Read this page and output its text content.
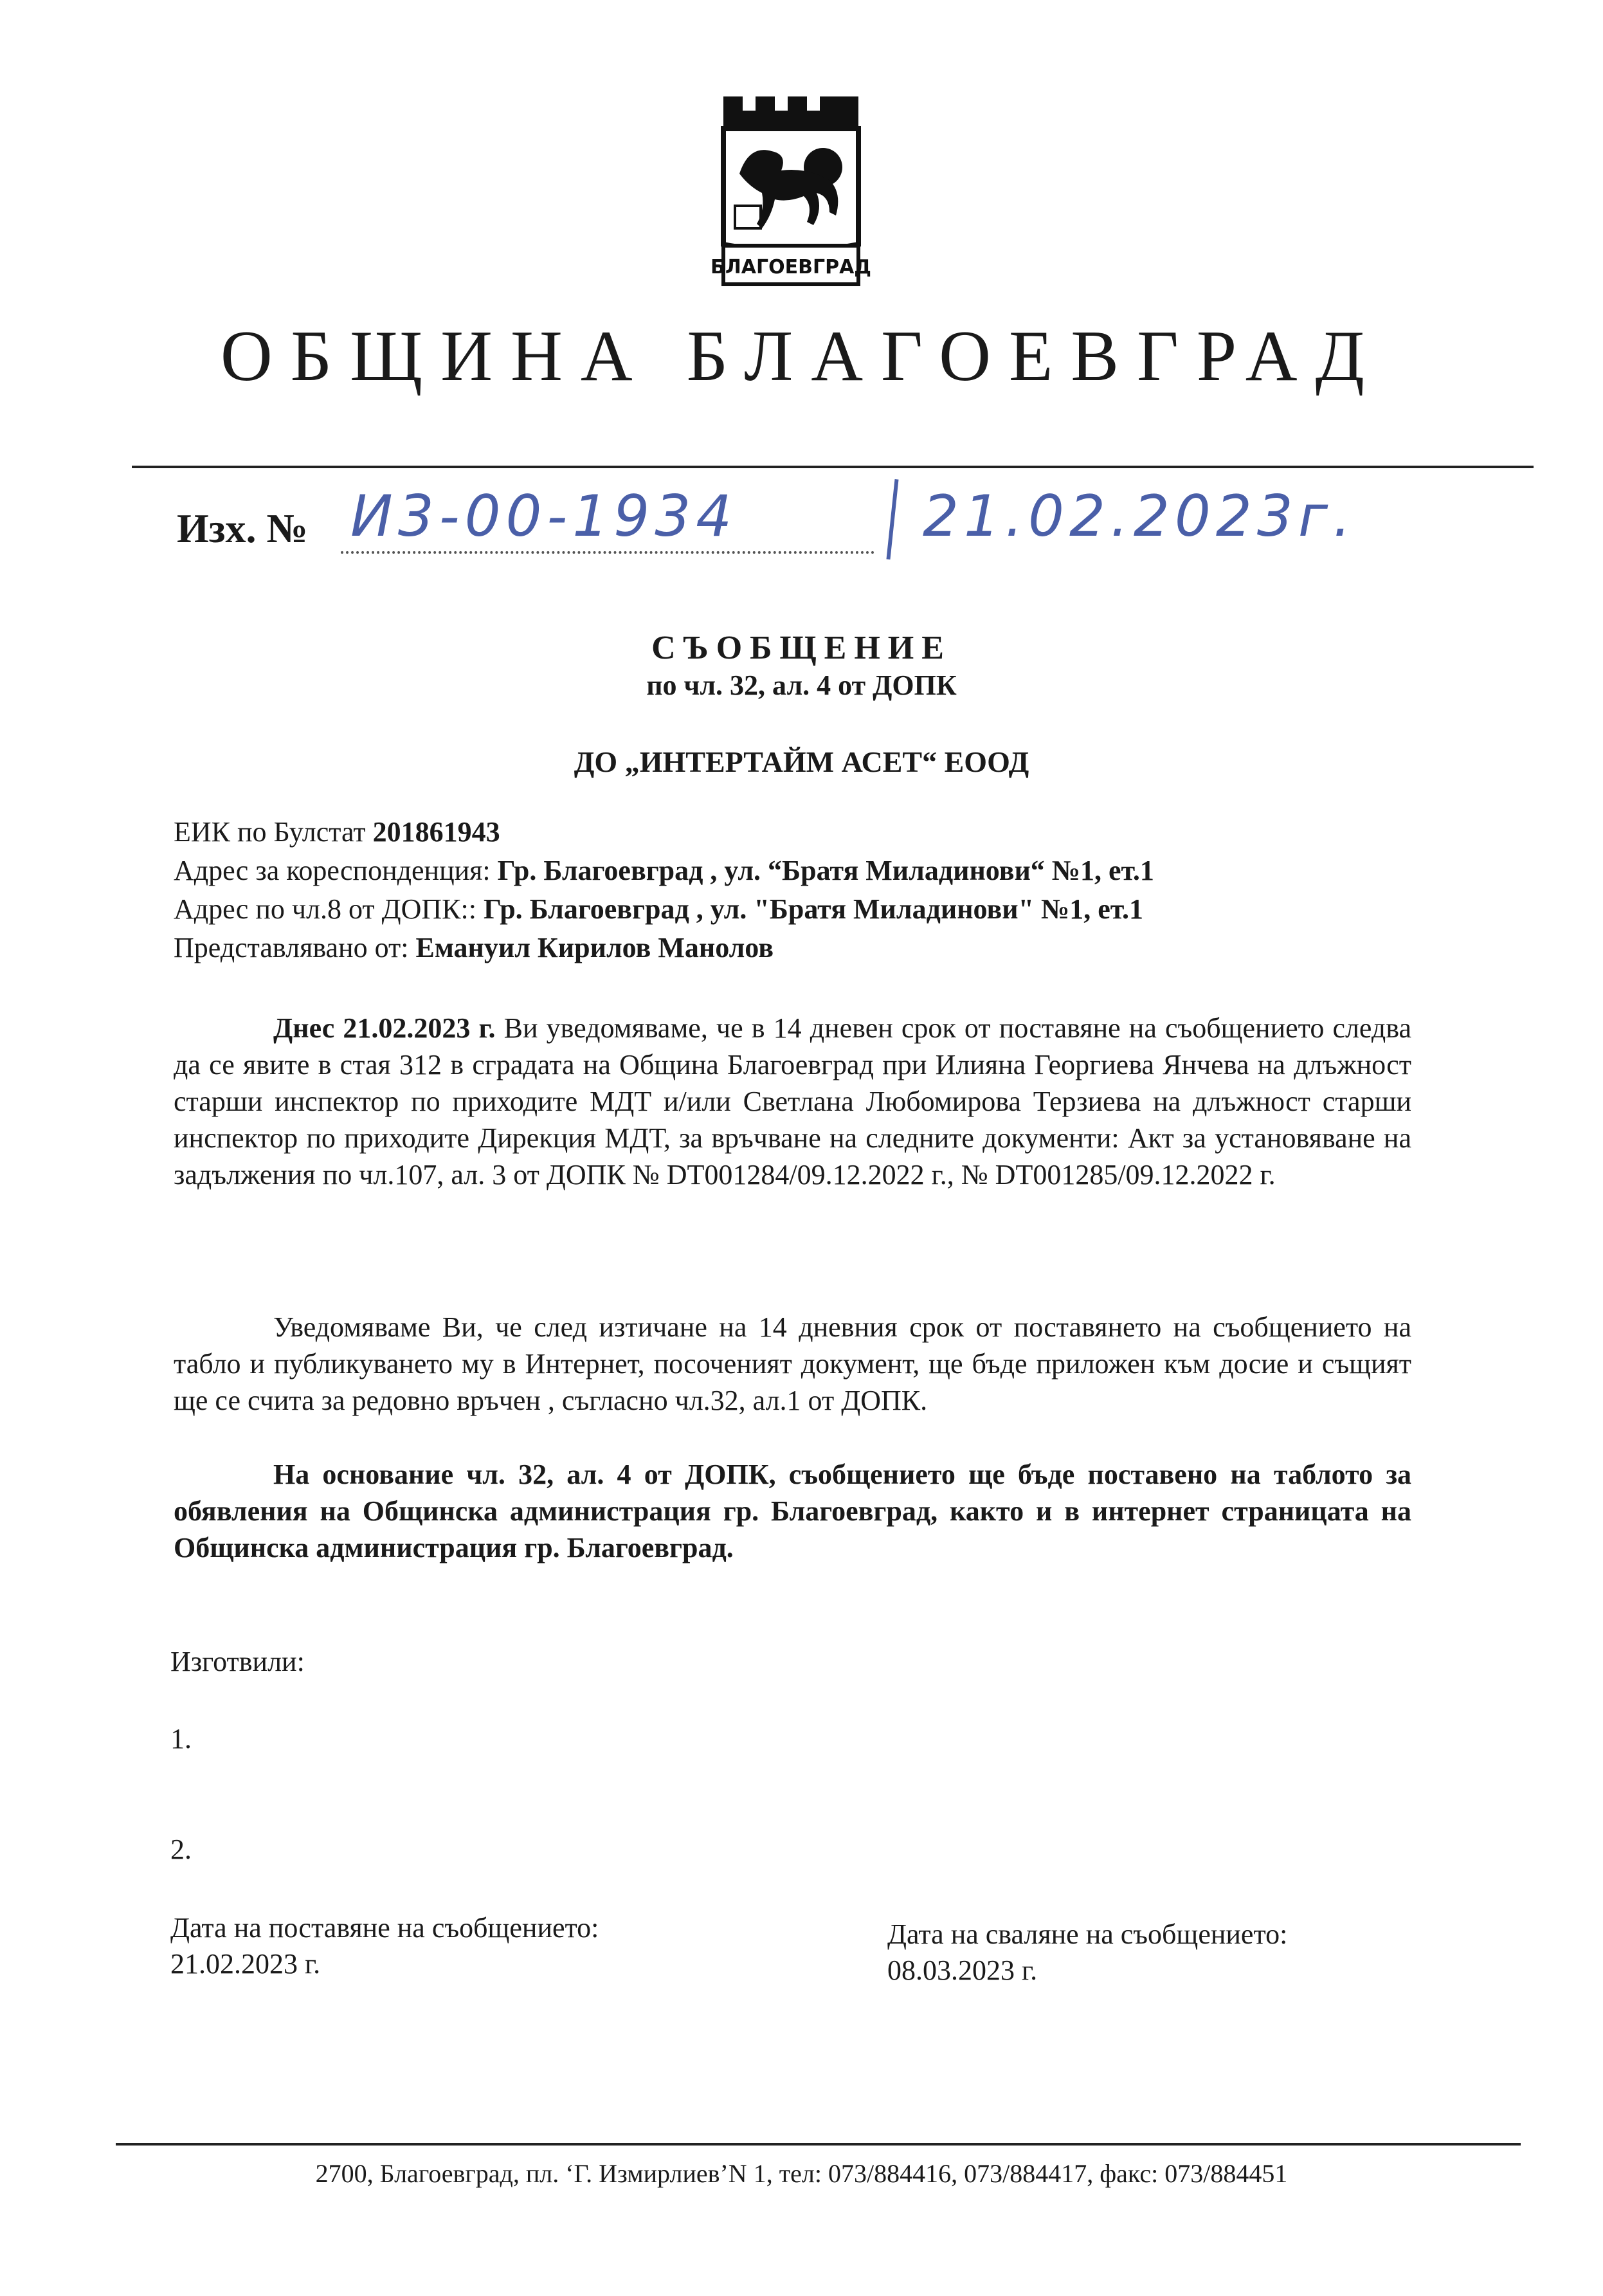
БЛАГОЕВГРАД
ОБЩИНА БЛАГОЕВГРАД
Изх. № И3-00-1934	21.02.2023г.
СЪОБЩЕНИЕ
по чл. 32, ал. 4 от ДОПК
ДО „ИНТЕРТАЙМ АСЕТ“ ЕООД
ЕИК по Булстат 201861943
Адрес за кореспонденция: Гр. Благоевград , ул. “Братя Миладинови“ №1, ет.1
Адрес по чл.8 от ДОПК:: Гр. Благоевград , ул. "Братя Миладинови" №1, ет.1
Представлявано от: Емануил Кирилов Манолов
Днес 21.02.2023 г. Ви уведомяваме, че в 14 дневен срок от поставяне на съобщението следва да се явите в стая 312 в сградата на Община Благоевград при Илияна Георгиева Янчева на длъжност старши инспектор по приходите МДТ и/или Светлана Любомирова Терзиева на длъжност старши инспектор по приходите Дирекция МДТ, за връчване на следните документи: Акт за установяване на задължения по чл.107, ал. 3 от ДОПК № DT001284/09.12.2022 г., № DT001285/09.12.2022 г.
Уведомяваме Ви, че след изтичане на 14 дневния срок от поставянето на съобщението на табло и публикуването му в Интернет, посоченият документ, ще бъде приложен към досие и същият ще се счита за редовно връчен , съгласно чл.32, ал.1 от ДОПК.
На основание чл. 32, ал. 4 от ДОПК, съобщението ще бъде поставено на таблото за обявления на Общинска администрация гр. Благоевград, както и в интернет страницата на Общинска администрация гр. Благоевград.
Изготвили:
1.
2.
Дата на поставяне на съобщението:
21.02.2023 г.
Дата на сваляне на съобщението:
08.03.2023 г.
2700, Благоевград, пл. ‘Г. Измирлиев’N 1, тел: 073/884416, 073/884417, факс: 073/884451
